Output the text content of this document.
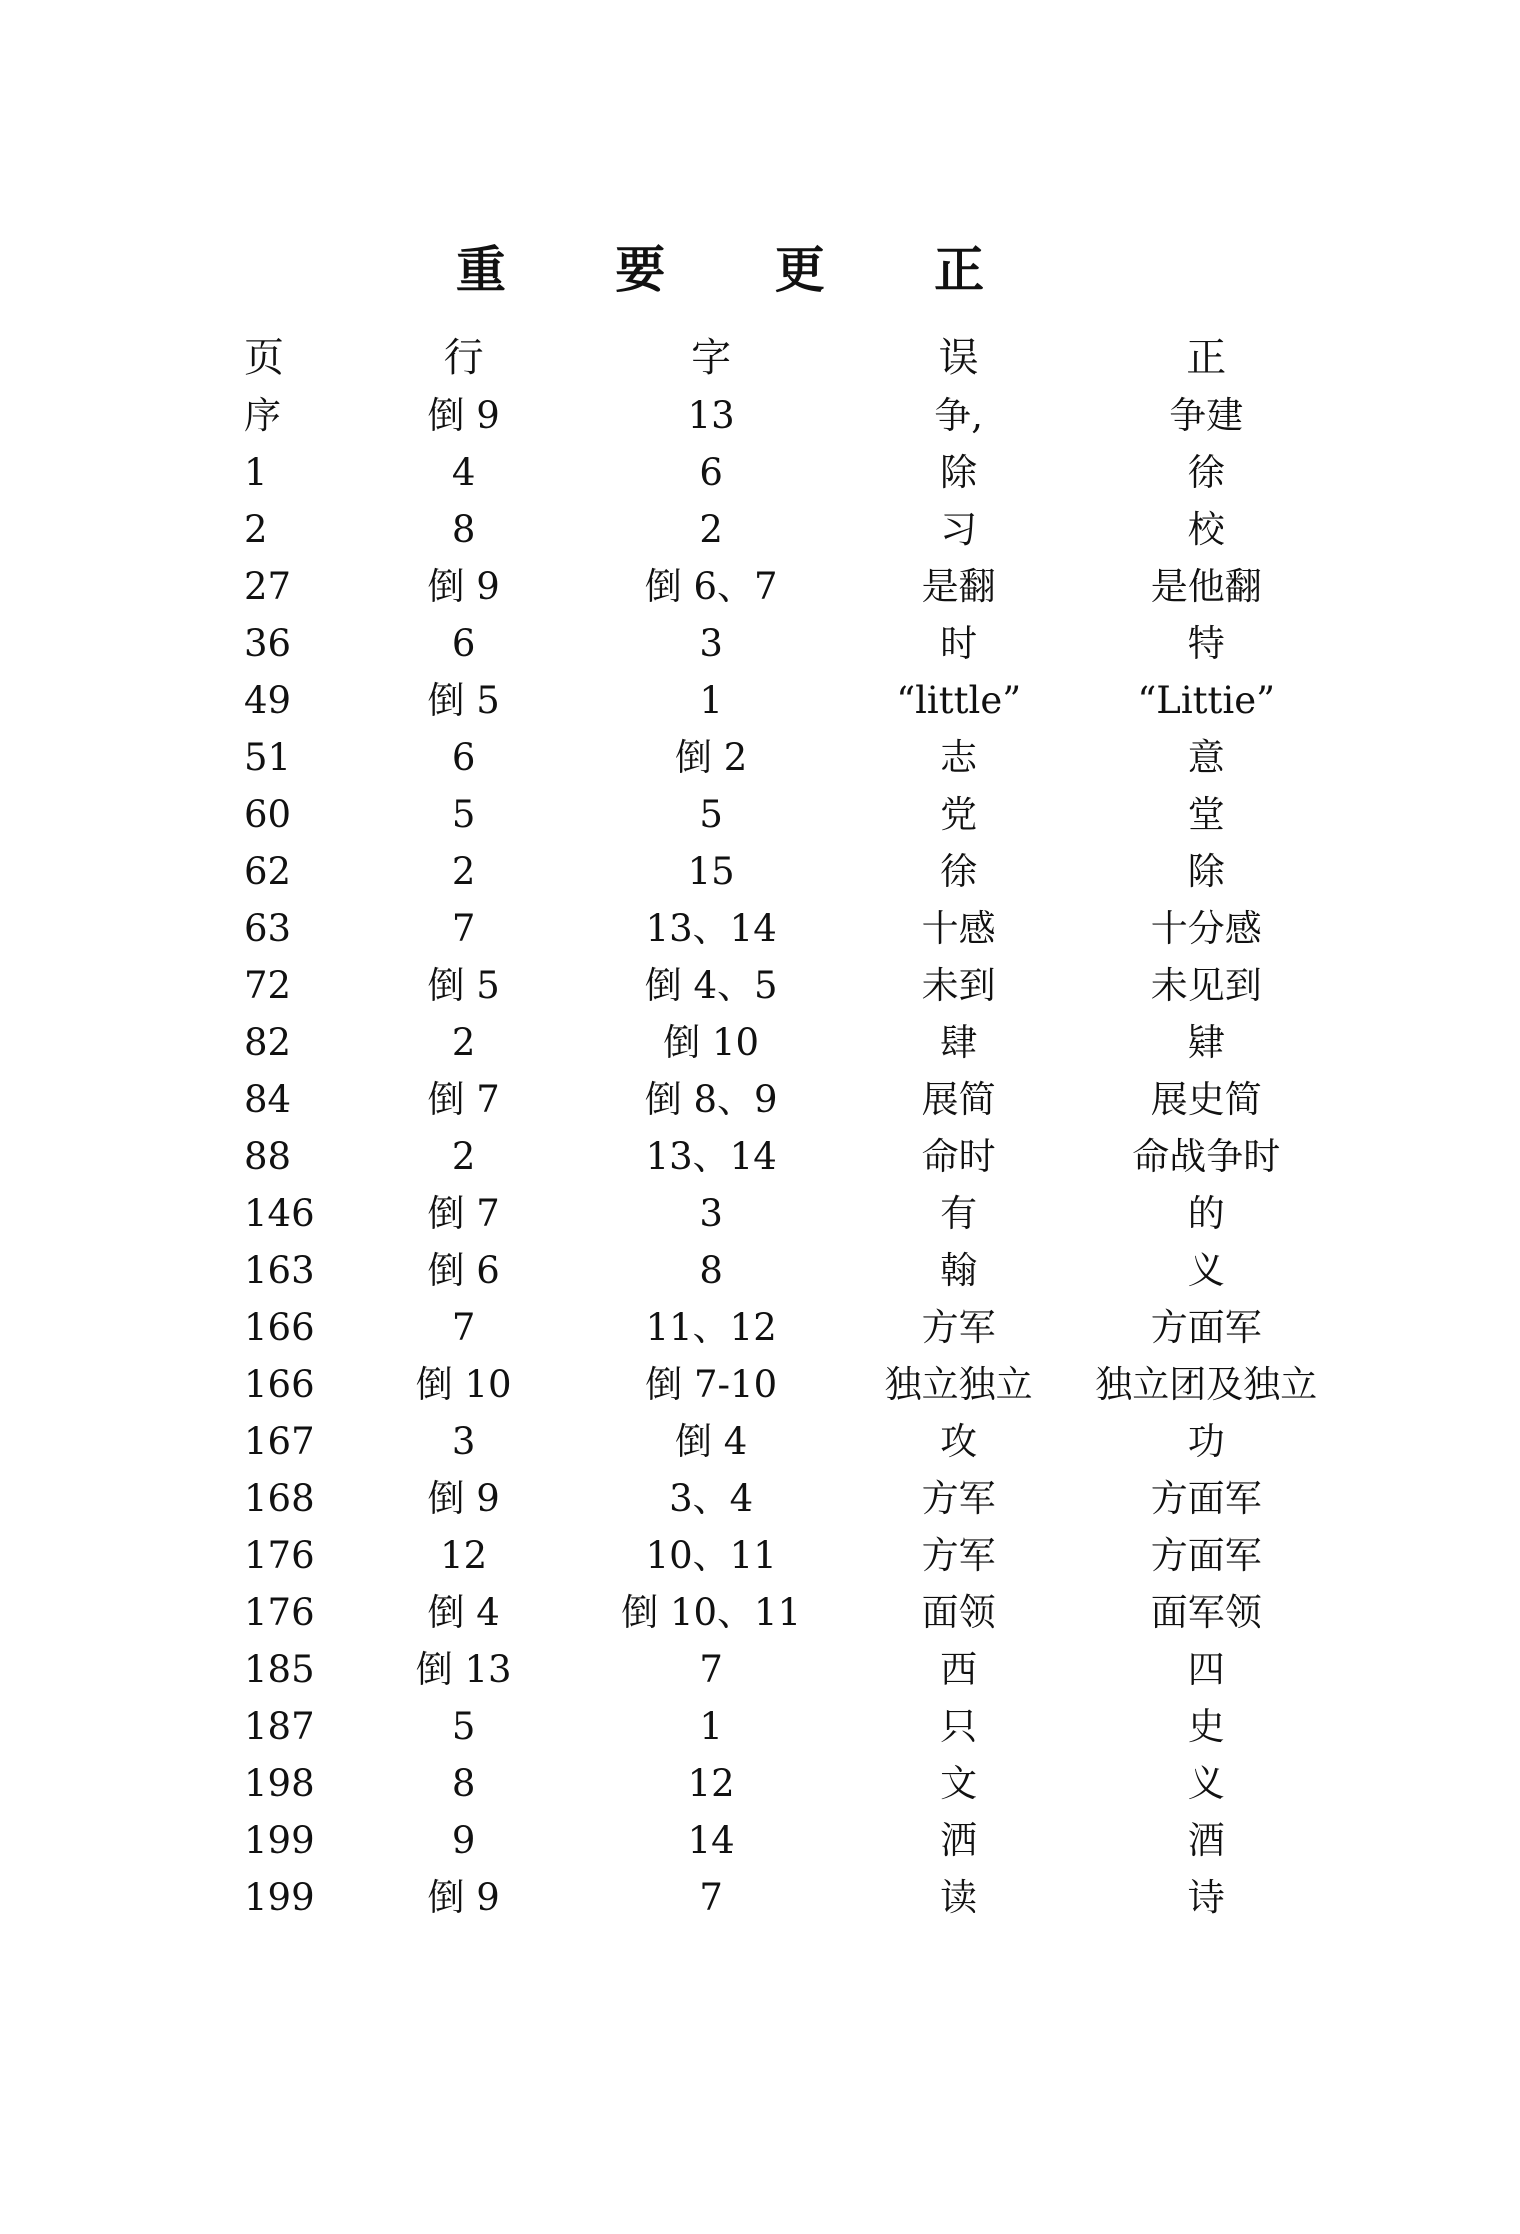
重 要 更 正
页	行	字	误	正
序	倒 9	13	争,	争建
1	4	6	除	徐
2	8	2	习	校
27	倒 9	倒 6、7	是翻	是他翻
36	6	3	时	特
49	倒 5	1	“little”	“Littie”
51	6	倒 2	志	意
60	5	5	党	堂
62	2	15	徐	除
63	7	13、14	十感	十分感
72	倒 5	倒 4、5	未到	未见到
82	2	倒 10	肆	肄
84	倒 7	倒 8、9	展简	展史简
88	2	13、14	命时	命战争时
146	倒 7	3	有	的
163	倒 6	8	翰	义
166	7	11、12	方军	方面军
166	倒 10	倒 7-10	独立独立	独立团及独立
167	3	倒 4	攻	功
168	倒 9	3、4	方军	方面军
176	12	10、11	方军	方面军
176	倒 4	倒 10、11	面领	面军领
185	倒 13	7	西	四
187	5	1	只	史
198	8	12	文	义
199	9	14	洒	酒
199	倒 9	7	读	诗
